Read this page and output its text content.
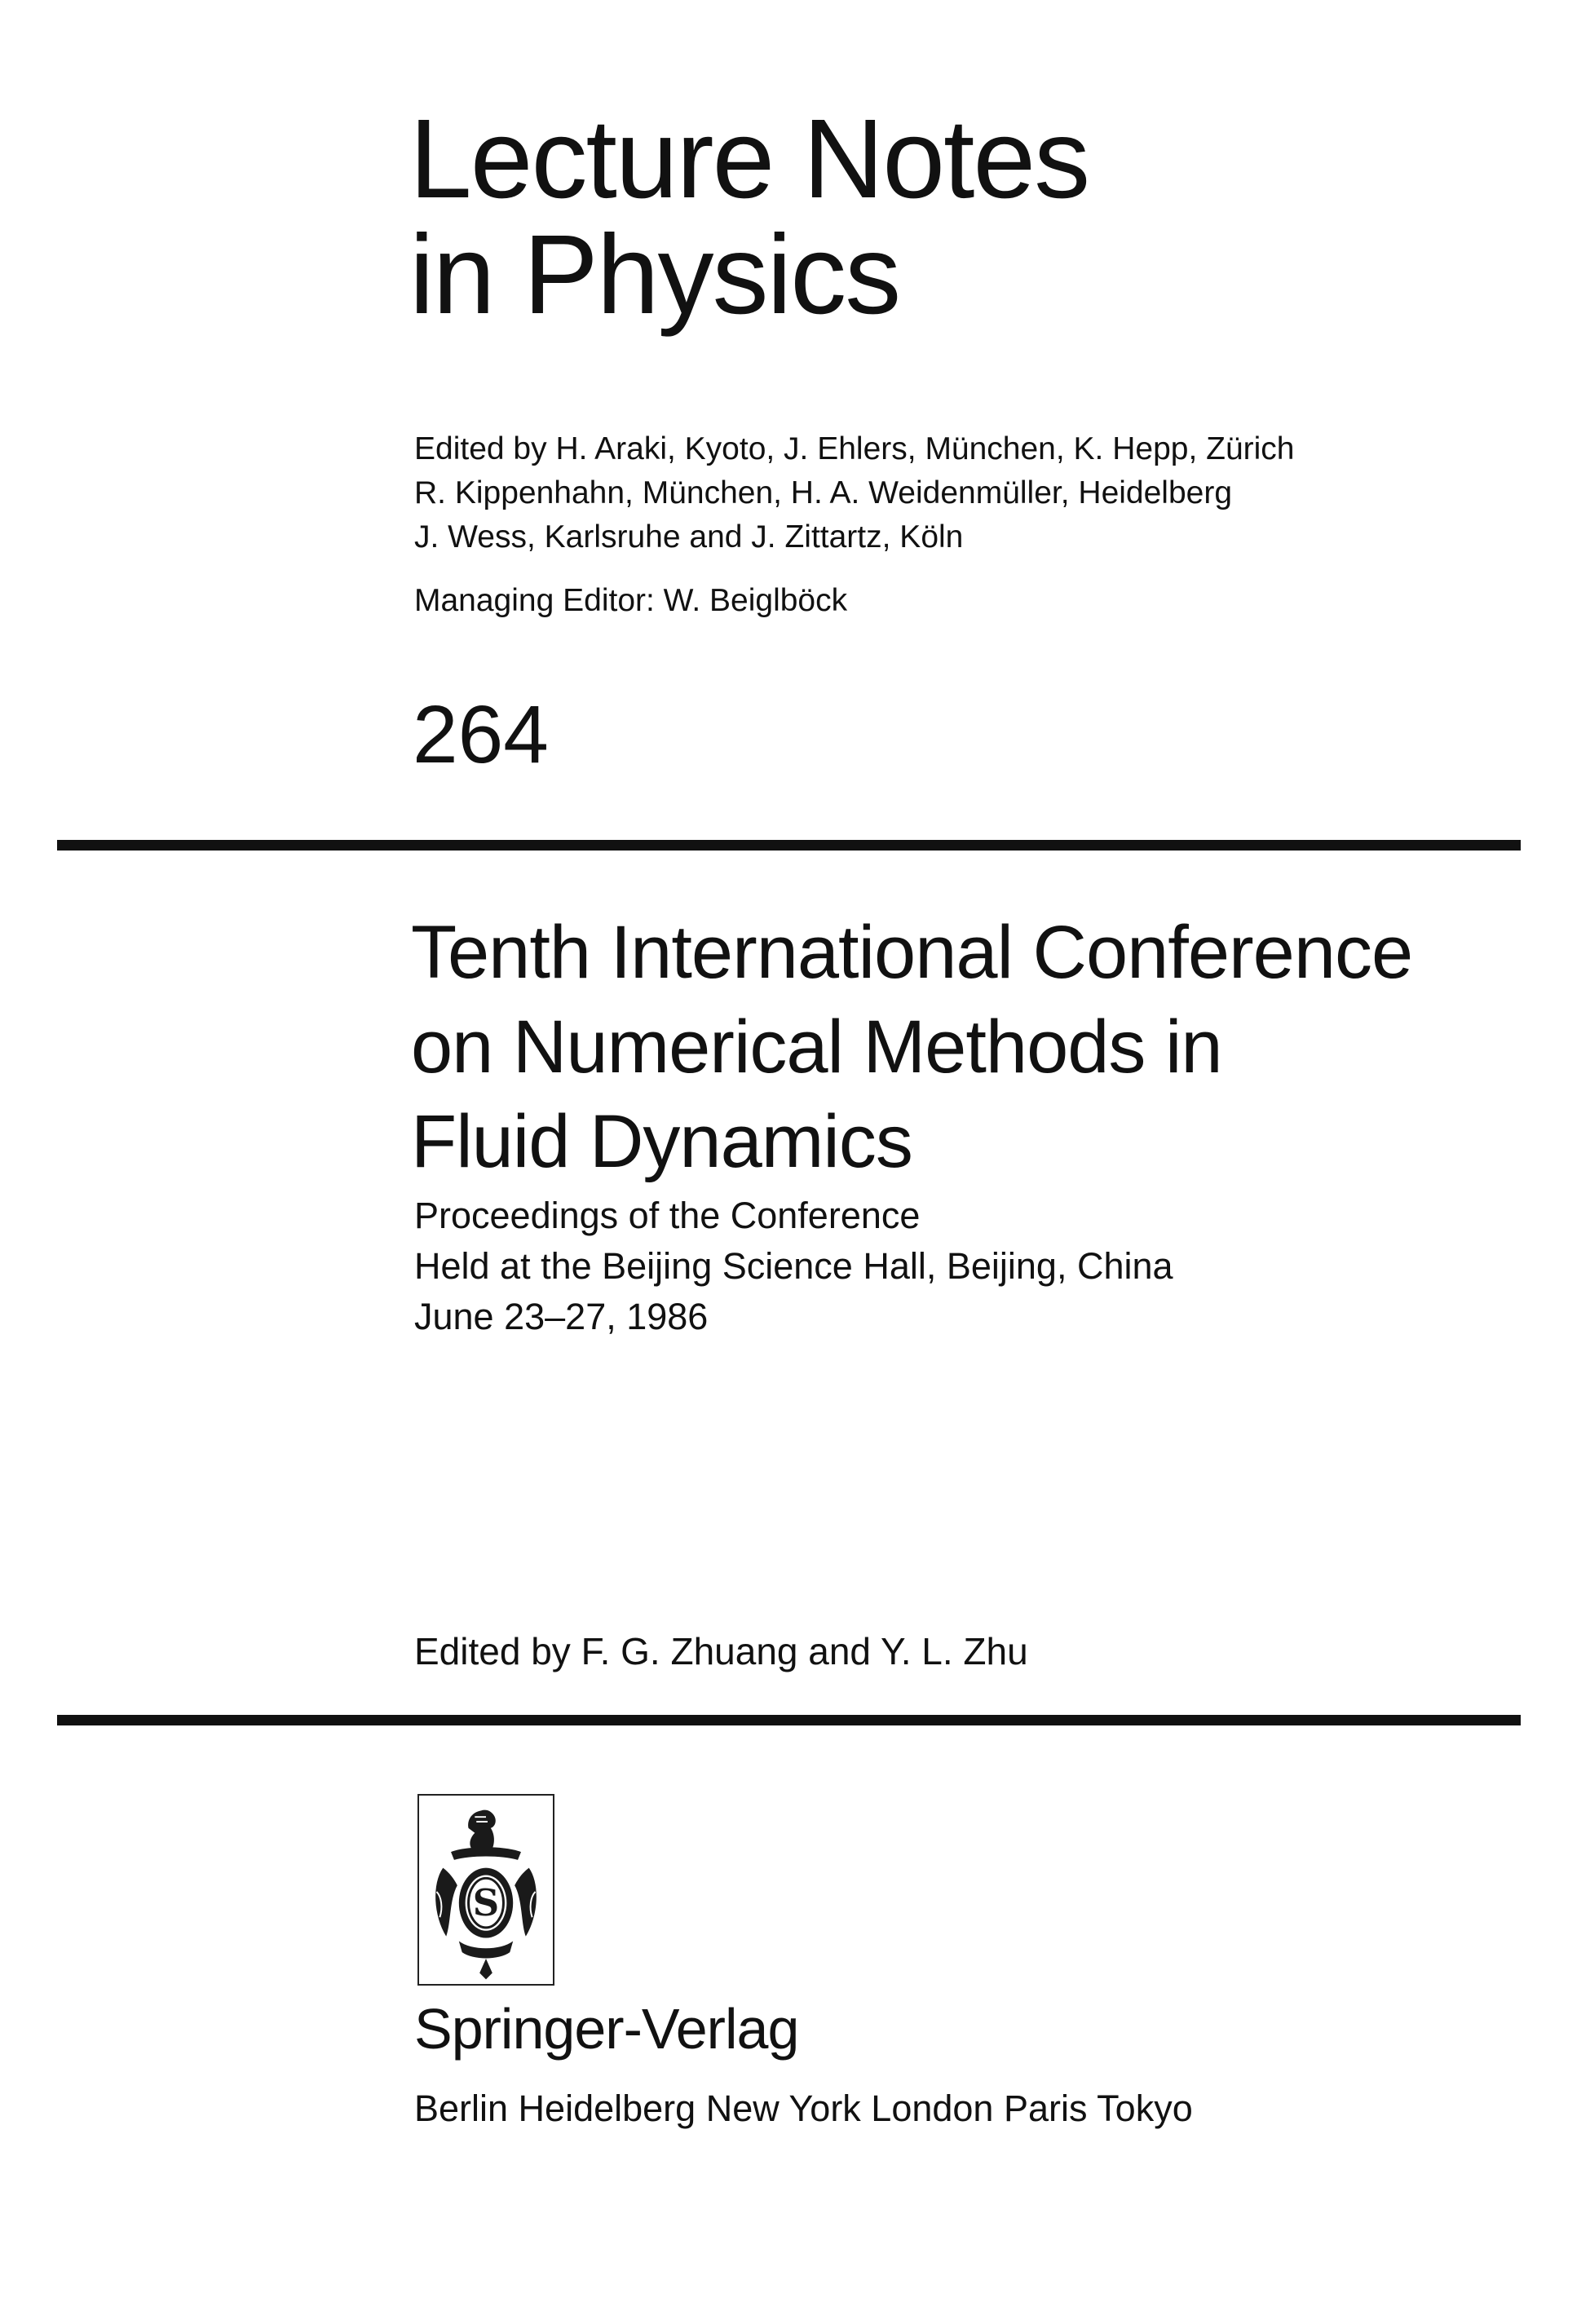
Lecture Notes
in Physics
Edited by H. Araki, Kyoto, J. Ehlers, München, K. Hepp, Zürich
R. Kippenhahn, München, H. A. Weidenmüller, Heidelberg
J. Wess, Karlsruhe and J. Zittartz, Köln
Managing Editor: W. Beiglböck
264
Tenth International Conference
on Numerical Methods in
Fluid Dynamics
Proceedings of the Conference
Held at the Beijing Science Hall, Beijing, China
June 23–27, 1986
Edited by F. G. Zhuang and Y. L. Zhu
S
Springer-Verlag
Berlin Heidelberg New York London Paris Tokyo
